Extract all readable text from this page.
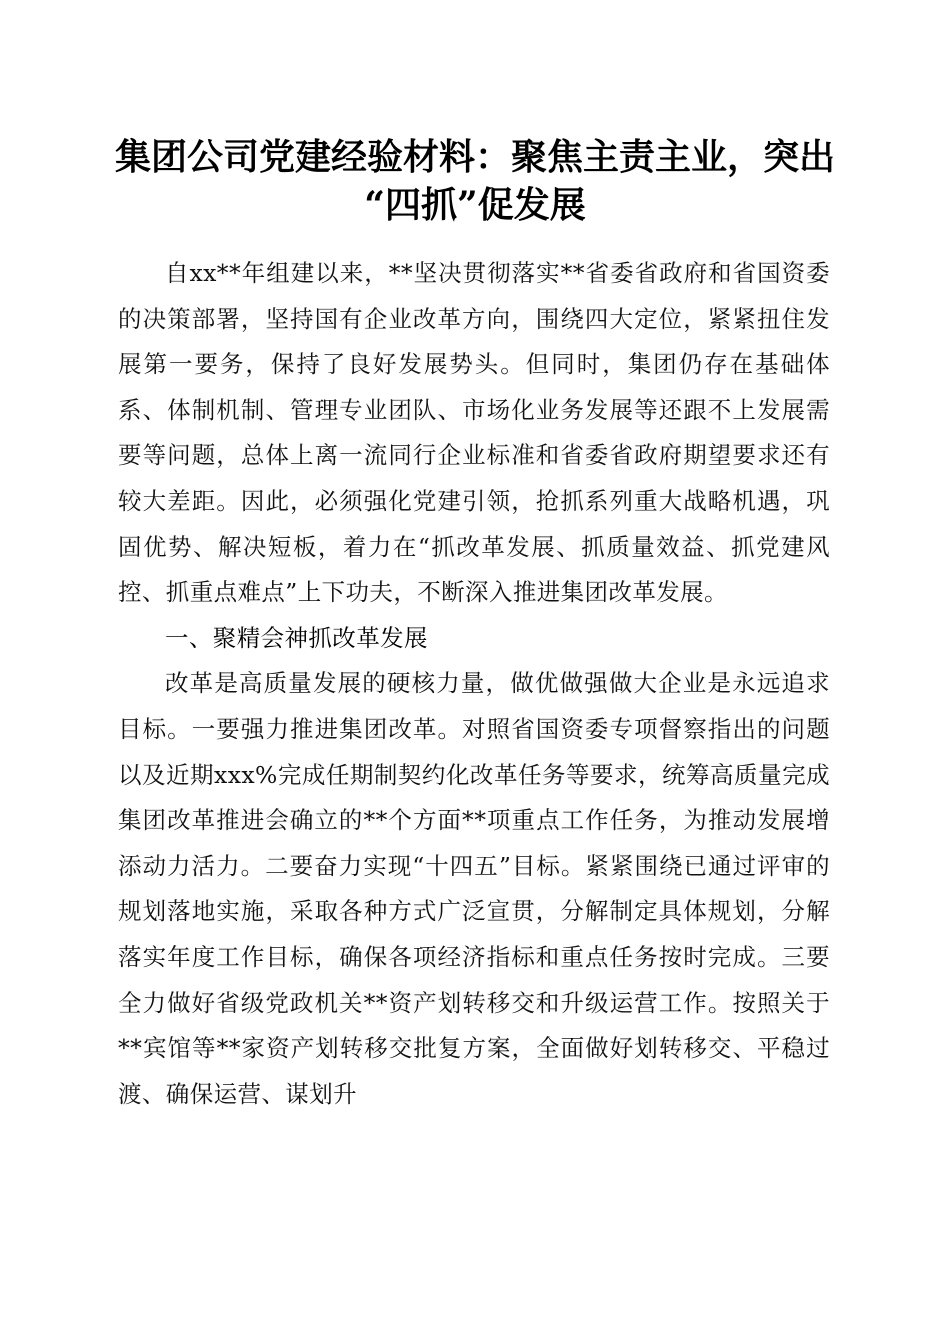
集团公司党建经验材料：聚焦主责主业，突出
“四抓”促发展

自xx**年组建以来，**坚决贯彻落实**省委省政府和省国资委的决策部署，坚持国有企业改革方向，围绕四大定位，紧紧扭住发展第一要务，保持了良好发展势头。但同时，集团仍存在基础体系、体制机制、管理专业团队、市场化业务发展等还跟不上发展需要等问题，总体上离一流同行企业标准和省委省政府期望要求还有较大差距。因此，必须强化党建引领，抢抓系列重大战略机遇，巩固优势、解决短板，着力在“抓改革发展、抓质量效益、抓党建风控、抓重点难点”上下功夫，不断深入推进集团改革发展。

一、聚精会神抓改革发展

改革是高质量发展的硬核力量，做优做强做大企业是永远追求目标。一要强力推进集团改革。对照省国资委专项督察指出的问题以及近期xxx%完成任期制契约化改革任务等要求，统筹高质量完成集团改革推进会确立的**个方面**项重点工作任务，为推动发展增添动力活力。二要奋力实现“十四五”目标。紧紧围绕已通过评审的规划落地实施，采取各种方式广泛宣贯，分解制定具体规划，分解落实年度工作目标，确保各项经济指标和重点任务按时完成。三要全力做好省级党政机关**资产划转移交和升级运营工作。按照关于**宾馆等**家资产划转移交批复方案，全面做好划转移交、平稳过渡、确保运营、谋划升
